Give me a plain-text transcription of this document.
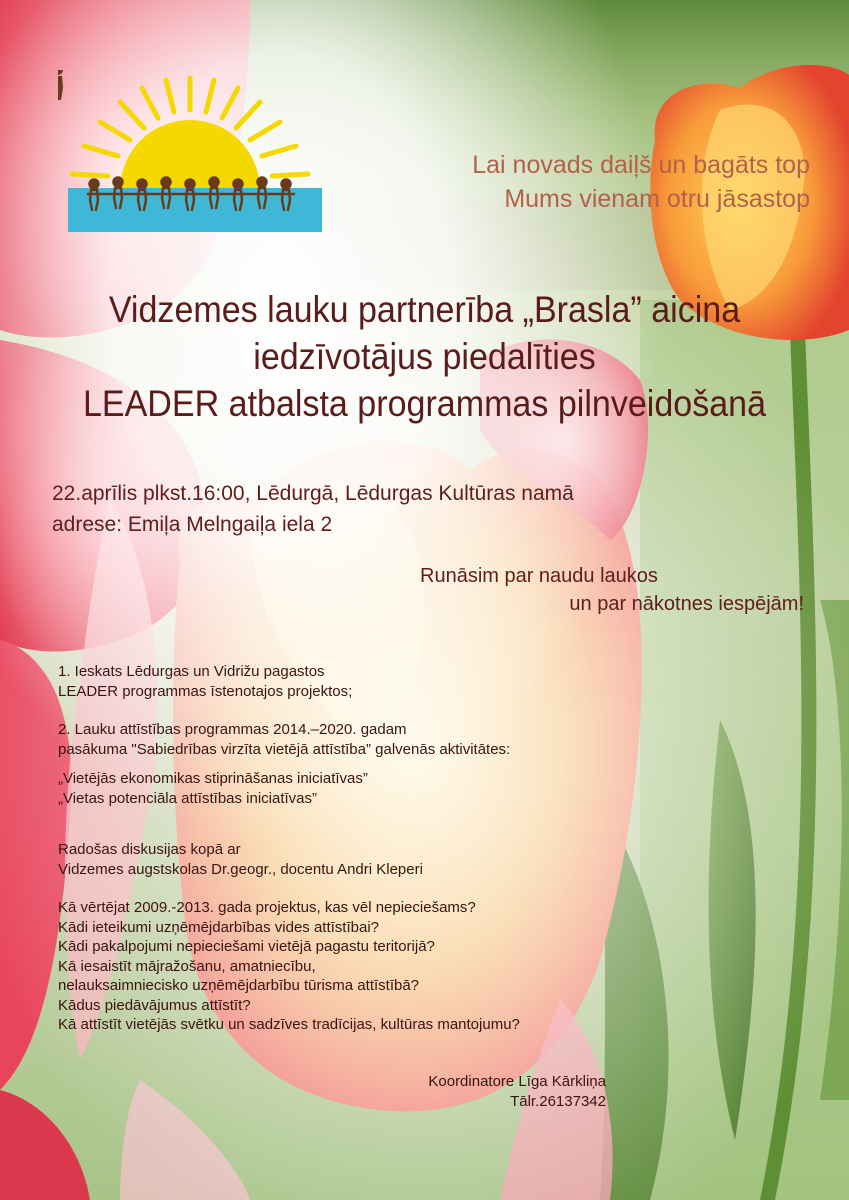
Lai novads daiļš un bagāts top
Mums vienam otru jāsastop
Vidzemes lauku partnerība „Brasla” aicina
iedzīvotājus piedalīties
LEADER atbalsta programmas pilnveidošanā
22.aprīlis plkst.16:00, Lēdurgā, Lēdurgas Kultūras namā
adrese: Emiļa Melngaiļa iela 2
Runāsim par naudu laukos
un par nākotnes iespējām!
1. Ieskats Lēdurgas un Vidrižu pagastos
LEADER programmas īstenotajos projektos;
2. Lauku attīstības programmas 2014.–2020. gadam
pasākuma "Sabiedrības virzīta vietējā attīstība” galvenās aktivitātes:
„Vietējās ekonomikas stiprināšanas iniciatīvas”
„Vietas potenciāla attīstības iniciatīvas”
Radošas diskusijas kopā ar
Vidzemes augstskolas Dr.geogr., docentu Andri Kleperi
Kā vērtējat 2009.-2013. gada projektus, kas vēl nepieciešams?
Kādi ieteikumi uzņēmējdarbības vides attīstībai?
Kādi pakalpojumi nepieciešami vietējā pagastu teritorijā?
Kā iesaistīt mājražošanu, amatniecību,
nelauksaimniecisko uzņēmējdarbību tūrisma attīstībā?
Kādus piedāvājumus attīstīt?
Kā attīstīt vietējās svētku un sadzīves tradīcijas, kultūras mantojumu?
Koordinatore Līga Kārkliņa
Tālr.26137342
